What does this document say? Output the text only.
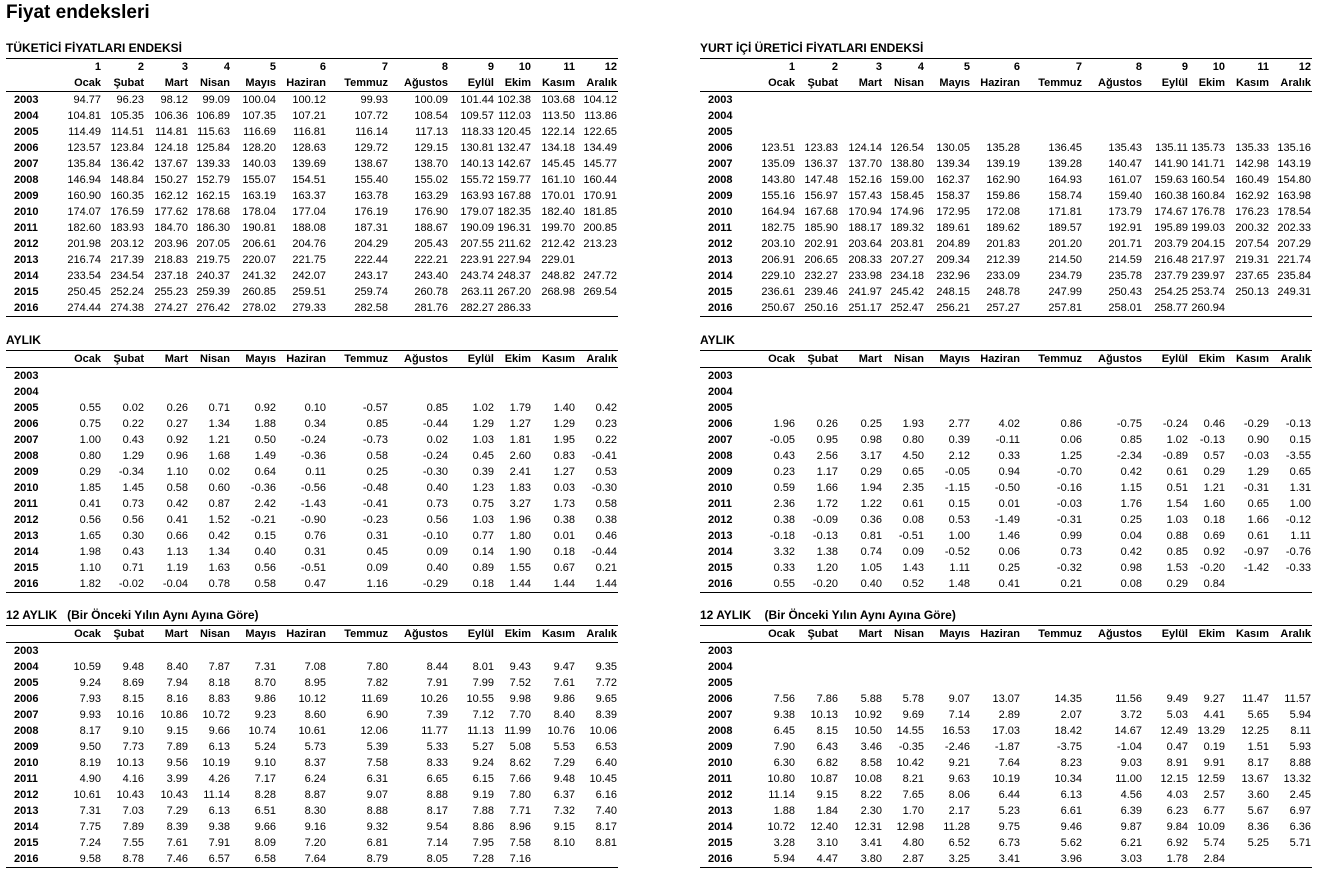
Fiyat endeksleri
TÜKETİCİ FİYATLARI ENDEKSİ
	1	2	3	4	5	6	7	8	9	10	11	12
	Ocak	Şubat	Mart	Nisan	Mayıs	Haziran	Temmuz	Ağustos	Eylül	Ekim	Kasım	Aralık
2003	94.77	96.23	98.12	99.09	100.04	100.12	99.93	100.09	101.44	102.38	103.68	104.12
2004	104.81	105.35	106.36	106.89	107.35	107.21	107.72	108.54	109.57	112.03	113.50	113.86
2005	114.49	114.51	114.81	115.63	116.69	116.81	116.14	117.13	118.33	120.45	122.14	122.65
2006	123.57	123.84	124.18	125.84	128.20	128.63	129.72	129.15	130.81	132.47	134.18	134.49
2007	135.84	136.42	137.67	139.33	140.03	139.69	138.67	138.70	140.13	142.67	145.45	145.77
2008	146.94	148.84	150.27	152.79	155.07	154.51	155.40	155.02	155.72	159.77	161.10	160.44
2009	160.90	160.35	162.12	162.15	163.19	163.37	163.78	163.29	163.93	167.88	170.01	170.91
2010	174.07	176.59	177.62	178.68	178.04	177.04	176.19	176.90	179.07	182.35	182.40	181.85
2011	182.60	183.93	184.70	186.30	190.81	188.08	187.31	188.67	190.09	196.31	199.70	200.85
2012	201.98	203.12	203.96	207.05	206.61	204.76	204.29	205.43	207.55	211.62	212.42	213.23
2013	216.74	217.39	218.83	219.75	220.07	221.75	222.44	222.21	223.91	227.94	229.01	
2014	233.54	234.54	237.18	240.37	241.32	242.07	243.17	243.40	243.74	248.37	248.82	247.72
2015	250.45	252.24	255.23	259.39	260.85	259.51	259.74	260.78	263.11	267.20	268.98	269.54
2016	274.44	274.38	274.27	276.42	278.02	279.33	282.58	281.76	282.27	286.33		
AYLIK
	Ocak	Şubat	Mart	Nisan	Mayıs	Haziran	Temmuz	Ağustos	Eylül	Ekim	Kasım	Aralık
2003												
2004												
2005	0.55	0.02	0.26	0.71	0.92	0.10	-0.57	0.85	1.02	1.79	1.40	0.42
2006	0.75	0.22	0.27	1.34	1.88	0.34	0.85	-0.44	1.29	1.27	1.29	0.23
2007	1.00	0.43	0.92	1.21	0.50	-0.24	-0.73	0.02	1.03	1.81	1.95	0.22
2008	0.80	1.29	0.96	1.68	1.49	-0.36	0.58	-0.24	0.45	2.60	0.83	-0.41
2009	0.29	-0.34	1.10	0.02	0.64	0.11	0.25	-0.30	0.39	2.41	1.27	0.53
2010	1.85	1.45	0.58	0.60	-0.36	-0.56	-0.48	0.40	1.23	1.83	0.03	-0.30
2011	0.41	0.73	0.42	0.87	2.42	-1.43	-0.41	0.73	0.75	3.27	1.73	0.58
2012	0.56	0.56	0.41	1.52	-0.21	-0.90	-0.23	0.56	1.03	1.96	0.38	0.38
2013	1.65	0.30	0.66	0.42	0.15	0.76	0.31	-0.10	0.77	1.80	0.01	0.46
2014	1.98	0.43	1.13	1.34	0.40	0.31	0.45	0.09	0.14	1.90	0.18	-0.44
2015	1.10	0.71	1.19	1.63	0.56	-0.51	0.09	0.40	0.89	1.55	0.67	0.21
2016	1.82	-0.02	-0.04	0.78	0.58	0.47	1.16	-0.29	0.18	1.44	1.44	1.44
12 AYLIK   (Bir Önceki Yılın Aynı Ayına Göre)
	Ocak	Şubat	Mart	Nisan	Mayıs	Haziran	Temmuz	Ağustos	Eylül	Ekim	Kasım	Aralık
2003												
2004	10.59	9.48	8.40	7.87	7.31	7.08	7.80	8.44	8.01	9.43	9.47	9.35
2005	9.24	8.69	7.94	8.18	8.70	8.95	7.82	7.91	7.99	7.52	7.61	7.72
2006	7.93	8.15	8.16	8.83	9.86	10.12	11.69	10.26	10.55	9.98	9.86	9.65
2007	9.93	10.16	10.86	10.72	9.23	8.60	6.90	7.39	7.12	7.70	8.40	8.39
2008	8.17	9.10	9.15	9.66	10.74	10.61	12.06	11.77	11.13	11.99	10.76	10.06
2009	9.50	7.73	7.89	6.13	5.24	5.73	5.39	5.33	5.27	5.08	5.53	6.53
2010	8.19	10.13	9.56	10.19	9.10	8.37	7.58	8.33	9.24	8.62	7.29	6.40
2011	4.90	4.16	3.99	4.26	7.17	6.24	6.31	6.65	6.15	7.66	9.48	10.45
2012	10.61	10.43	10.43	11.14	8.28	8.87	9.07	8.88	9.19	7.80	6.37	6.16
2013	7.31	7.03	7.29	6.13	6.51	8.30	8.88	8.17	7.88	7.71	7.32	7.40
2014	7.75	7.89	8.39	9.38	9.66	9.16	9.32	9.54	8.86	8.96	9.15	8.17
2015	7.24	7.55	7.61	7.91	8.09	7.20	6.81	7.14	7.95	7.58	8.10	8.81
2016	9.58	8.78	7.46	6.57	6.58	7.64	8.79	8.05	7.28	7.16		
YURT İÇİ ÜRETİCİ FİYATLARI ENDEKSİ
	1	2	3	4	5	6	7	8	9	10	11	12
	Ocak	Şubat	Mart	Nisan	Mayıs	Haziran	Temmuz	Ağustos	Eylül	Ekim	Kasım	Aralık
2003												
2004												
2005												
2006	123.51	123.83	124.14	126.54	130.05	135.28	136.45	135.43	135.11	135.73	135.33	135.16
2007	135.09	136.37	137.70	138.80	139.34	139.19	139.28	140.47	141.90	141.71	142.98	143.19
2008	143.80	147.48	152.16	159.00	162.37	162.90	164.93	161.07	159.63	160.54	160.49	154.80
2009	155.16	156.97	157.43	158.45	158.37	159.86	158.74	159.40	160.38	160.84	162.92	163.98
2010	164.94	167.68	170.94	174.96	172.95	172.08	171.81	173.79	174.67	176.78	176.23	178.54
2011	182.75	185.90	188.17	189.32	189.61	189.62	189.57	192.91	195.89	199.03	200.32	202.33
2012	203.10	202.91	203.64	203.81	204.89	201.83	201.20	201.71	203.79	204.15	207.54	207.29
2013	206.91	206.65	208.33	207.27	209.34	212.39	214.50	214.59	216.48	217.97	219.31	221.74
2014	229.10	232.27	233.98	234.18	232.96	233.09	234.79	235.78	237.79	239.97	237.65	235.84
2015	236.61	239.46	241.97	245.42	248.15	248.78	247.99	250.43	254.25	253.74	250.13	249.31
2016	250.67	250.16	251.17	252.47	256.21	257.27	257.81	258.01	258.77	260.94		
AYLIK
	Ocak	Şubat	Mart	Nisan	Mayıs	Haziran	Temmuz	Ağustos	Eylül	Ekim	Kasım	Aralık
2003												
2004												
2005												
2006	1.96	0.26	0.25	1.93	2.77	4.02	0.86	-0.75	-0.24	0.46	-0.29	-0.13
2007	-0.05	0.95	0.98	0.80	0.39	-0.11	0.06	0.85	1.02	-0.13	0.90	0.15
2008	0.43	2.56	3.17	4.50	2.12	0.33	1.25	-2.34	-0.89	0.57	-0.03	-3.55
2009	0.23	1.17	0.29	0.65	-0.05	0.94	-0.70	0.42	0.61	0.29	1.29	0.65
2010	0.59	1.66	1.94	2.35	-1.15	-0.50	-0.16	1.15	0.51	1.21	-0.31	1.31
2011	2.36	1.72	1.22	0.61	0.15	0.01	-0.03	1.76	1.54	1.60	0.65	1.00
2012	0.38	-0.09	0.36	0.08	0.53	-1.49	-0.31	0.25	1.03	0.18	1.66	-0.12
2013	-0.18	-0.13	0.81	-0.51	1.00	1.46	0.99	0.04	0.88	0.69	0.61	1.11
2014	3.32	1.38	0.74	0.09	-0.52	0.06	0.73	0.42	0.85	0.92	-0.97	-0.76
2015	0.33	1.20	1.05	1.43	1.11	0.25	-0.32	0.98	1.53	-0.20	-1.42	-0.33
2016	0.55	-0.20	0.40	0.52	1.48	0.41	0.21	0.08	0.29	0.84		
12 AYLIK    (Bir Önceki Yılın Aynı Ayına Göre)
	Ocak	Şubat	Mart	Nisan	Mayıs	Haziran	Temmuz	Ağustos	Eylül	Ekim	Kasım	Aralık
2003												
2004												
2005												
2006	7.56	7.86	5.88	5.78	9.07	13.07	14.35	11.56	9.49	9.27	11.47	11.57
2007	9.38	10.13	10.92	9.69	7.14	2.89	2.07	3.72	5.03	4.41	5.65	5.94
2008	6.45	8.15	10.50	14.55	16.53	17.03	18.42	14.67	12.49	13.29	12.25	8.11
2009	7.90	6.43	3.46	-0.35	-2.46	-1.87	-3.75	-1.04	0.47	0.19	1.51	5.93
2010	6.30	6.82	8.58	10.42	9.21	7.64	8.23	9.03	8.91	9.91	8.17	8.88
2011	10.80	10.87	10.08	8.21	9.63	10.19	10.34	11.00	12.15	12.59	13.67	13.32
2012	11.14	9.15	8.22	7.65	8.06	6.44	6.13	4.56	4.03	2.57	3.60	2.45
2013	1.88	1.84	2.30	1.70	2.17	5.23	6.61	6.39	6.23	6.77	5.67	6.97
2014	10.72	12.40	12.31	12.98	11.28	9.75	9.46	9.87	9.84	10.09	8.36	6.36
2015	3.28	3.10	3.41	4.80	6.52	6.73	5.62	6.21	6.92	5.74	5.25	5.71
2016	5.94	4.47	3.80	2.87	3.25	3.41	3.96	3.03	1.78	2.84		
